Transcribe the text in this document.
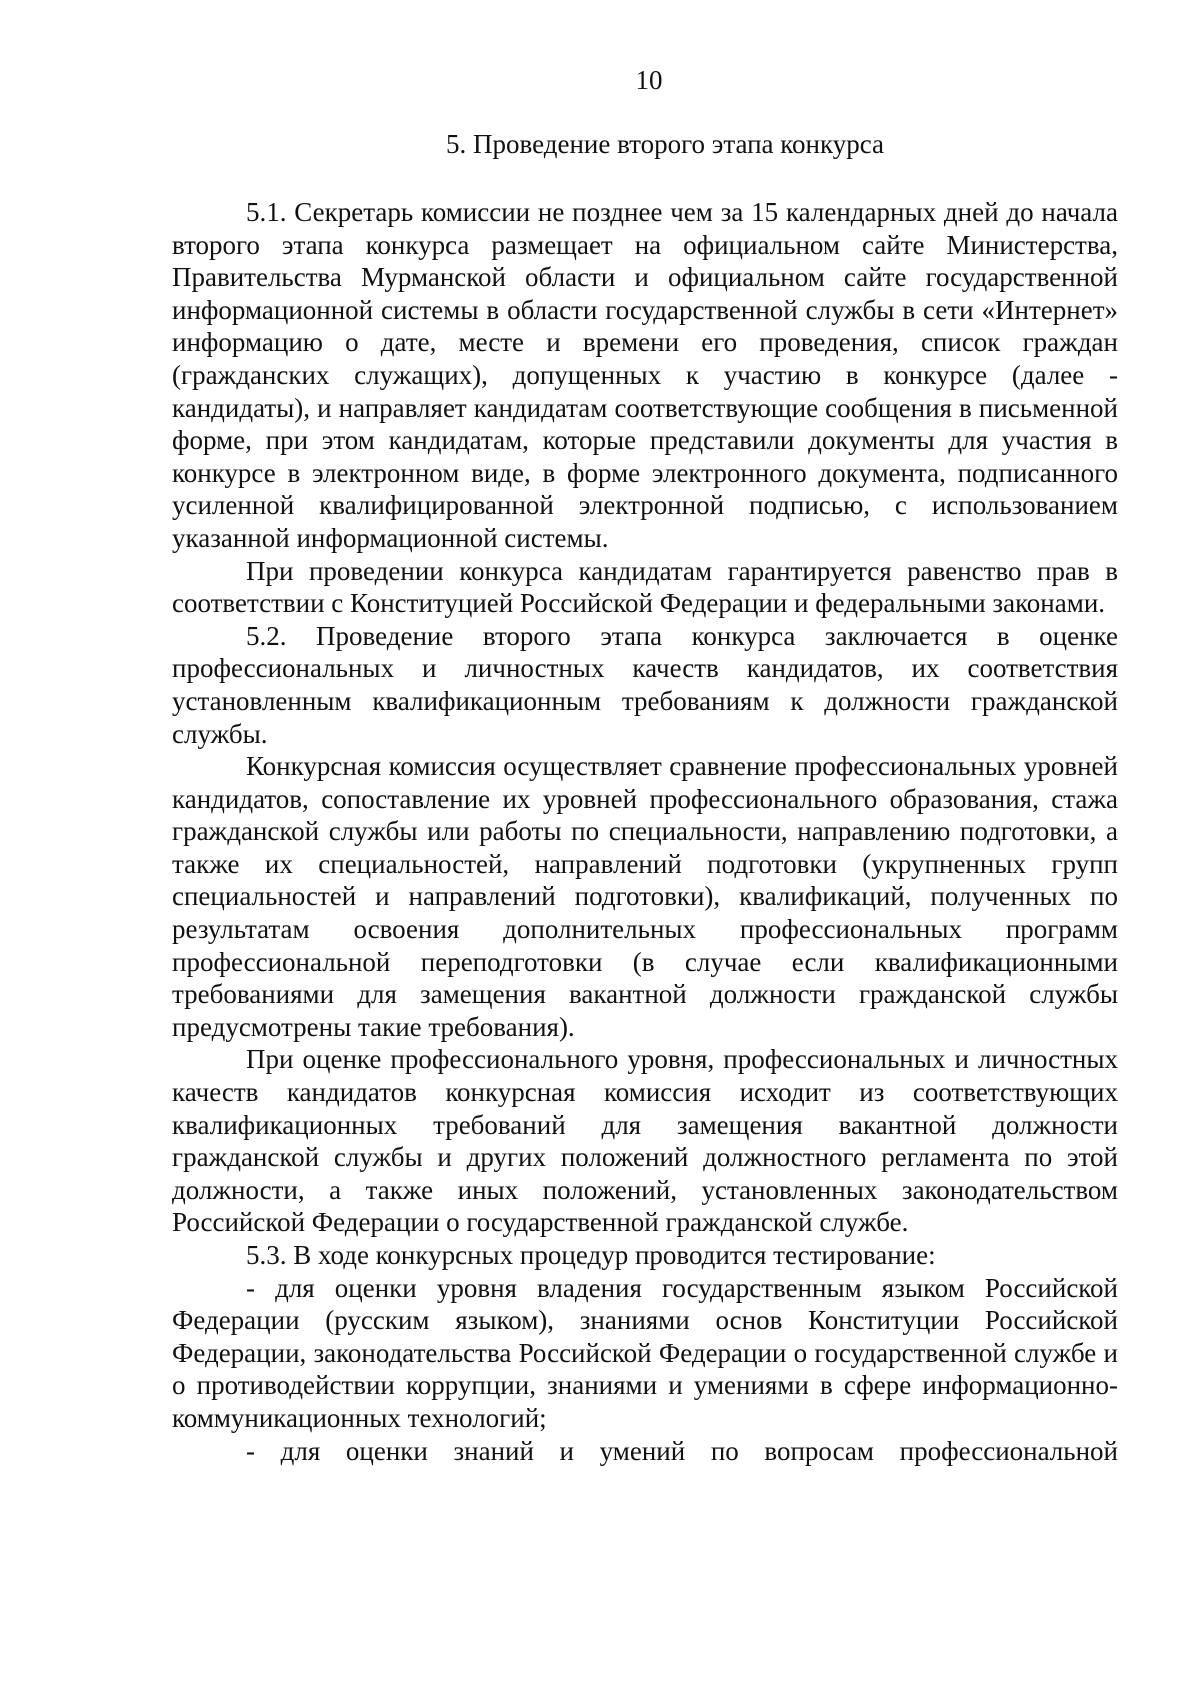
10
5. Проведение второго этапа конкурса

5.1. Секретарь комиссии не позднее чем за 15 календарных дней до начала второго этапа конкурса размещает на официальном сайте Министерства, Правительства Мурманской области и официальном сайте государственной информационной системы в области государственной службы в сети «Интернет» информацию о дате, месте и времени его проведения, список граждан (гражданских служащих), допущенных к участию в конкурсе (далее - кандидаты), и направляет кандидатам соответствующие сообщения в письменной форме, при этом кандидатам, которые представили документы для участия в конкурсе в электронном виде, в форме электронного документа, подписанного усиленной квалифицированной электронной подписью, с использованием указанной информационной системы.

При проведении конкурса кандидатам гарантируется равенство прав в соответствии с Конституцией Российской Федерации и федеральными законами.

5.2. Проведение второго этапа конкурса заключается в оценке профессиональных и личностных качеств кандидатов, их соответствия установленным квалификационным требованиям к должности гражданской службы.

Конкурсная комиссия осуществляет сравнение профессиональных уровней кандидатов, сопоставление их уровней профессионального образования, стажа гражданской службы или работы по специальности, направлению подготовки, а также их специальностей, направлений подготовки (укрупненных групп специальностей и направлений подготовки), квалификаций, полученных по результатам освоения дополнительных профессиональных программ профессиональной переподготовки (в случае если квалификационными требованиями для замещения вакантной должности гражданской службы предусмотрены такие требования).

При оценке профессионального уровня, профессиональных и личностных качеств кандидатов конкурсная комиссия исходит из соответствующих квалификационных требований для замещения вакантной должности гражданской службы и других положений должностного регламента по этой должности, а также иных положений, установленных законодательством Российской Федерации о государственной гражданской службе.

5.3. В ходе конкурсных процедур проводится тестирование:

- для оценки уровня владения государственным языком Российской Федерации (русским языком), знаниями основ Конституции Российской Федерации, законодательства Российской Федерации о государственной службе и о противодействии коррупции, знаниями и умениями в сфере информационно-коммуникационных технологий;

- для оценки знаний и умений по вопросам профессиональной
